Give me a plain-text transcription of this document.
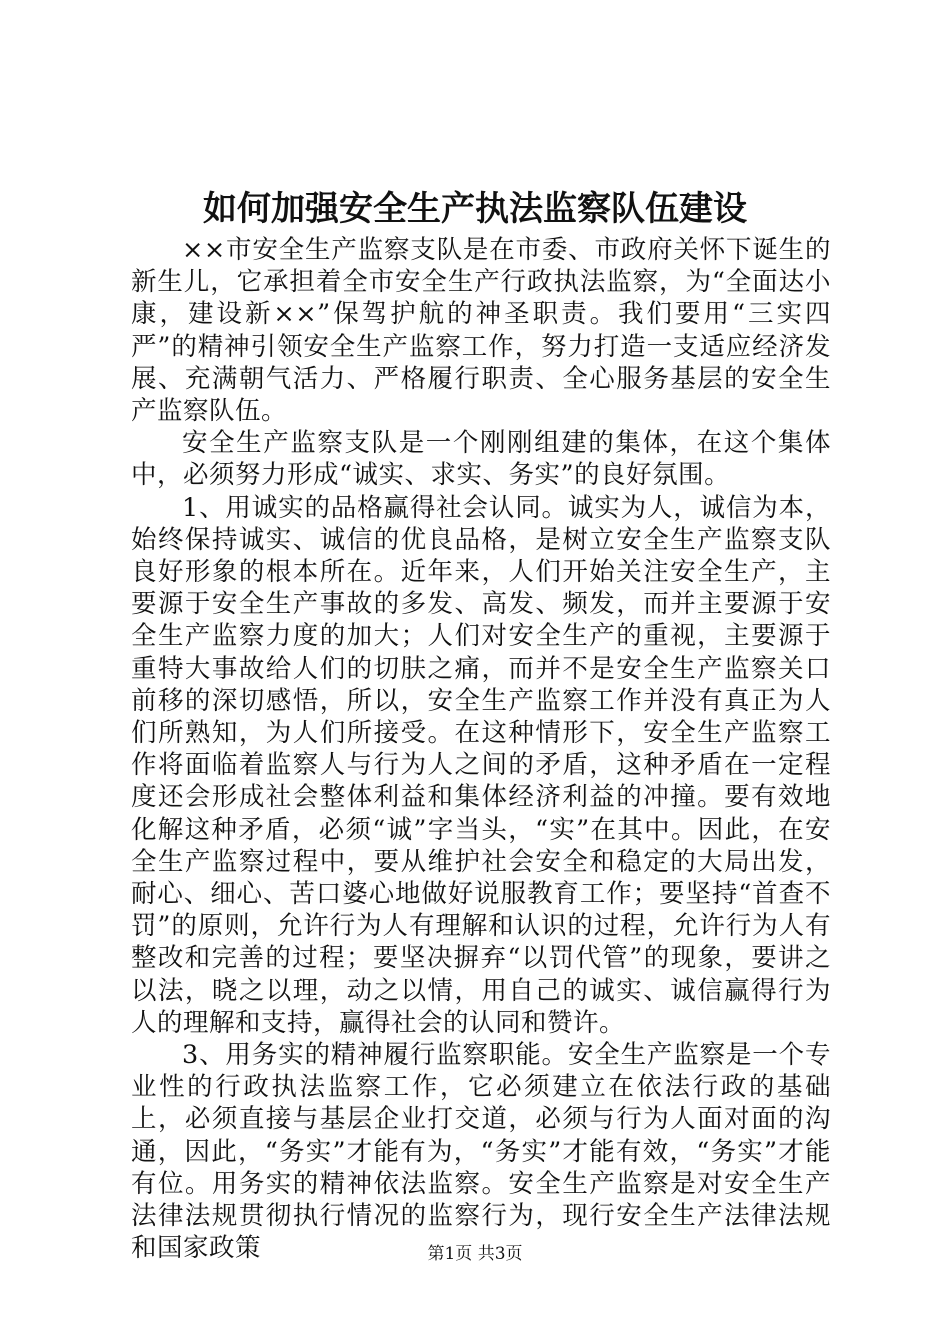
如何加强安全生产执法监察队伍建设

××市安全生产监察支队是在市委、市政府关怀下诞生的新生儿，它承担着全市安全生产行政执法监察，为“全面达小康，建设新××”保驾护航的神圣职责。我们要用“三实四严”的精神引领安全生产监察工作，努力打造一支适应经济发展、充满朝气活力、严格履行职责、全心服务基层的安全生产监察队伍。

安全生产监察支队是一个刚刚组建的集体，在这个集体中，必须努力形成“诚实、求实、务实”的良好氛围。

1、用诚实的品格赢得社会认同。诚实为人，诚信为本，始终保持诚实、诚信的优良品格，是树立安全生产监察支队良好形象的根本所在。近年来，人们开始关注安全生产，主要源于安全生产事故的多发、高发、频发，而并主要源于安全生产监察力度的加大；人们对安全生产的重视，主要源于重特大事故给人们的切肤之痛，而并不是安全生产监察关口前移的深切感悟，所以，安全生产监察工作并没有真正为人们所熟知，为人们所接受。在这种情形下，安全生产监察工作将面临着监察人与行为人之间的矛盾，这种矛盾在一定程度还会形成社会整体利益和集体经济利益的冲撞。要有效地化解这种矛盾，必须“诚”字当头，“实”在其中。因此，在安全生产监察过程中，要从维护社会安全和稳定的大局出发，耐心、细心、苦口婆心地做好说服教育工作；要坚持“首查不罚”的原则，允许行为人有理解和认识的过程，允许行为人有整改和完善的过程；要坚决摒弃“以罚代管”的现象，要讲之以法，晓之以理，动之以情，用自己的诚实、诚信赢得行为人的理解和支持，赢得社会的认同和赞许。

3、用务实的精神履行监察职能。安全生产监察是一个专业性的行政执法监察工作，它必须建立在依法行政的基础上，必须直接与基层企业打交道，必须与行为人面对面的沟通，因此，“务实”才能有为，“务实”才能有效，“务实”才能有位。用务实的精神依法监察。安全生产监察是对安全生产法律法规贯彻执行情况的监察行为，现行安全生产法律法规和国家政策	第1页 共3页
